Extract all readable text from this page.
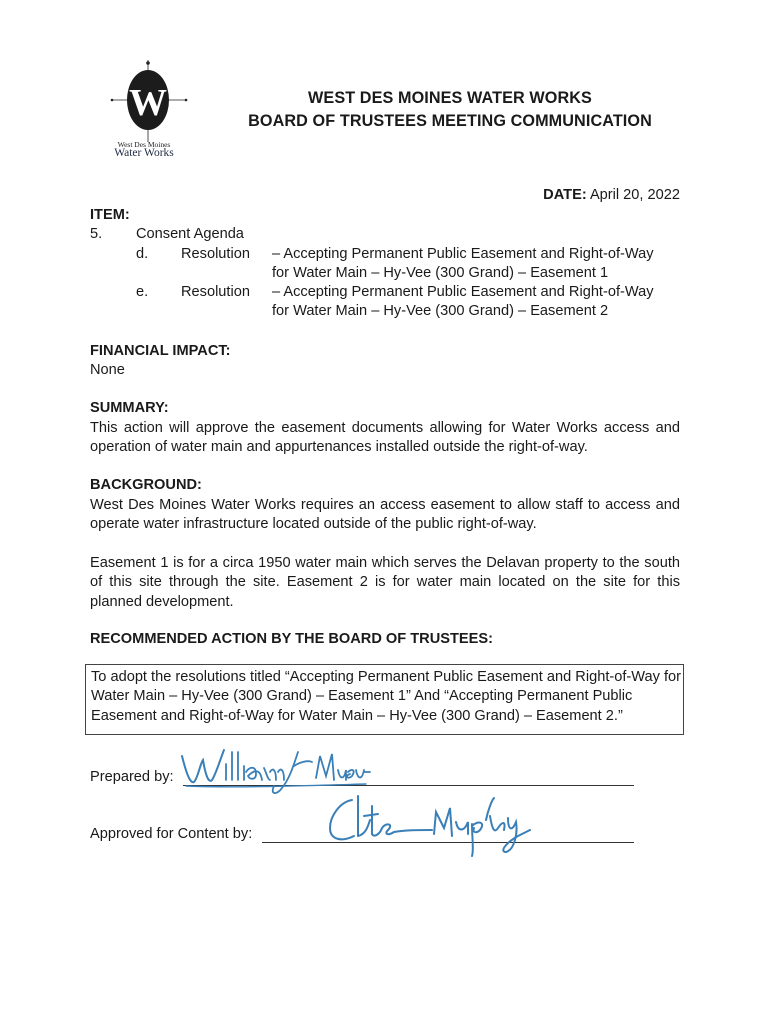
W
West Des Moines
Water Works
WEST DES MOINES WATER WORKS
BOARD OF TRUSTEES MEETING COMMUNICATION
DATE: April 20, 2022
ITEM:
5. Consent Agenda
d. Resolution – Accepting Permanent Public Easement and Right-of-Way
for Water Main – Hy-Vee (300 Grand) – Easement 1
e. Resolution – Accepting Permanent Public Easement and Right-of-Way
for Water Main – Hy-Vee (300 Grand) – Easement 2
FINANCIAL IMPACT:
None
SUMMARY:
This action will approve the easement documents allowing for Water Works access and operation of water main and appurtenances installed outside the right-of-way.
BACKGROUND:
West Des Moines Water Works requires an access easement to allow staff to access and operate water infrastructure located outside of the public right-of-way.
Easement 1 is for a circa 1950 water main which serves the Delavan property to the south of this site through the site. Easement 2 is for water main located on the site for this planned development.
RECOMMENDED ACTION BY THE BOARD OF TRUSTEES:
To adopt the resolutions titled “Accepting Permanent Public Easement and Right-of-Way for Water Main – Hy-Vee (300 Grand) – Easement 1” And “Accepting Permanent Public Easement and Right-of-Way for Water Main – Hy-Vee (300 Grand) – Easement 2.”
Prepared by:
Approved for Content by:
